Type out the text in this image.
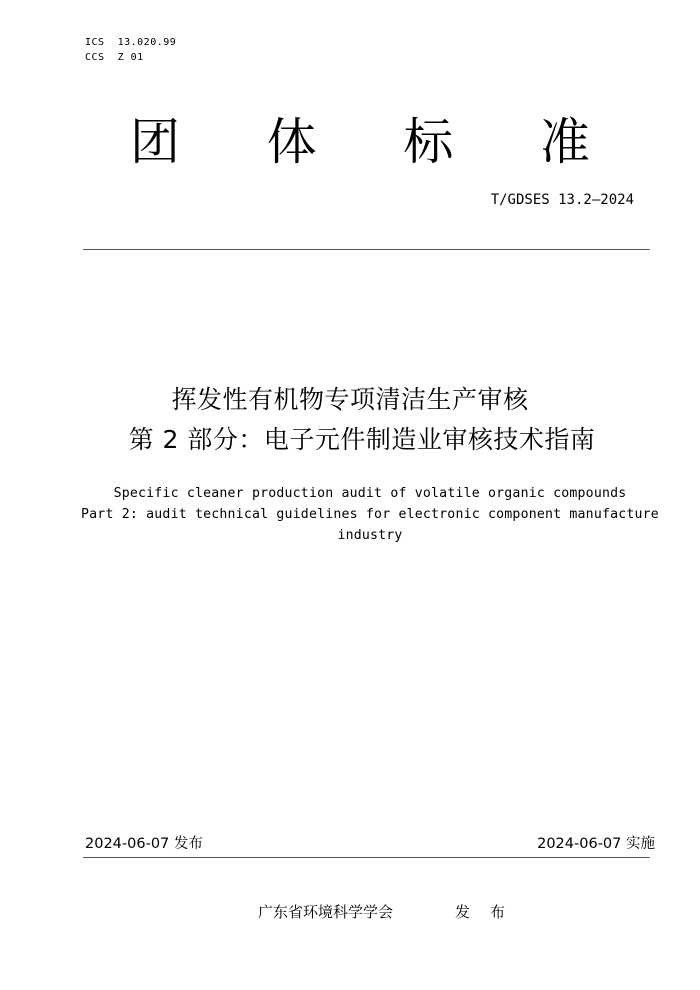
ICS  13.020.99
CCS  Z 01
团 体 标 准
T/GDSES 13.2—2024
挥发性有机物专项清洁生产审核
第 2 部分：电子元件制造业审核技术指南
Specific cleaner production audit of volatile organic compounds
Part 2: audit technical guidelines for electronic component manufacture
industry
2024-06-07 发布	2024-06-07 实施
广东省环境科学学会	发布
